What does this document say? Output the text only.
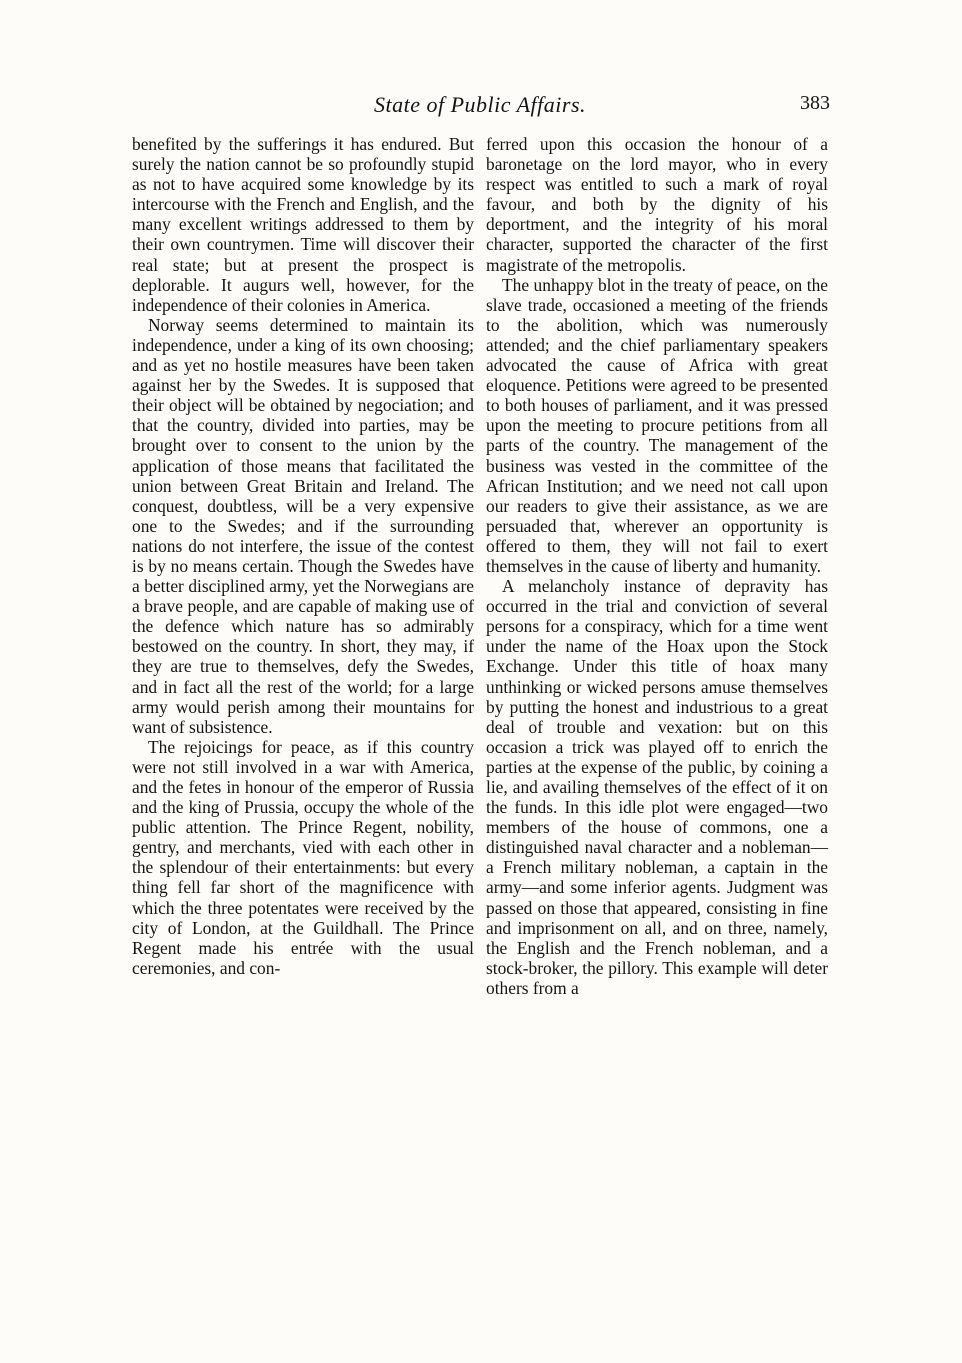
State of Public Affairs.	383

benefited by the sufferings it has endured. But surely the nation cannot be so profoundly stupid as not to have acquired some knowledge by its intercourse with the French and English, and the many excellent writings addressed to them by their own countrymen. Time will discover their real state; but at present the prospect is deplorable. It augurs well, however, for the independence of their colonies in America.

Norway seems determined to maintain its independence, under a king of its own choosing; and as yet no hostile measures have been taken against her by the Swedes. It is supposed that their object will be obtained by negociation; and that the country, divided into parties, may be brought over to consent to the union by the application of those means that facilitated the union between Great Britain and Ireland. The conquest, doubtless, will be a very expensive one to the Swedes; and if the surrounding nations do not interfere, the issue of the contest is by no means certain. Though the Swedes have a better disciplined army, yet the Norwegians are a brave people, and are capable of making use of the defence which nature has so admirably bestowed on the country. In short, they may, if they are true to themselves, defy the Swedes, and in fact all the rest of the world; for a large army would perish among their mountains for want of subsistence.

The rejoicings for peace, as if this country were not still involved in a war with America, and the fetes in honour of the emperor of Russia and the king of Prussia, occupy the whole of the public attention. The Prince Regent, nobility, gentry, and merchants, vied with each other in the splendour of their entertainments: but every thing fell far short of the magnificence with which the three potentates were received by the city of London, at the Guildhall. The Prince Regent made his entrée with the usual ceremonies, and con-

ferred upon this occasion the honour of a baronetage on the lord mayor, who in every respect was entitled to such a mark of royal favour, and both by the dignity of his deportment, and the integrity of his moral character, supported the character of the first magistrate of the metropolis.

The unhappy blot in the treaty of peace, on the slave trade, occasioned a meeting of the friends to the abolition, which was numerously attended; and the chief parliamentary speakers advocated the cause of Africa with great eloquence. Petitions were agreed to be presented to both houses of parliament, and it was pressed upon the meeting to procure petitions from all parts of the country. The management of the business was vested in the committee of the African Institution; and we need not call upon our readers to give their assistance, as we are persuaded that, wherever an opportunity is offered to them, they will not fail to exert themselves in the cause of liberty and humanity.

A melancholy instance of depravity has occurred in the trial and conviction of several persons for a conspiracy, which for a time went under the name of the Hoax upon the Stock Exchange. Under this title of hoax many unthinking or wicked persons amuse themselves by putting the honest and industrious to a great deal of trouble and vexation: but on this occasion a trick was played off to enrich the parties at the expense of the public, by coining a lie, and availing themselves of the effect of it on the funds. In this idle plot were engaged—two members of the house of commons, one a distinguished naval character and a nobleman—a French military nobleman, a captain in the army—and some inferior agents. Judgment was passed on those that appeared, consisting in fine and imprisonment on all, and on three, namely, the English and the French nobleman, and a stock-broker, the pillory. This example will deter others from a
